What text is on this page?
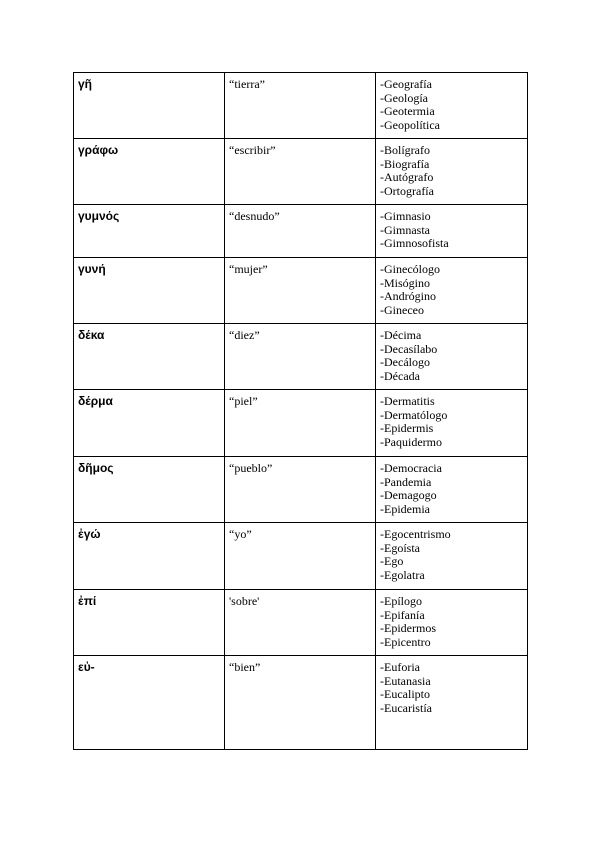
γῆ	“tierra”	-Geografía
-Geología
-Geotermia
-Geopolítica

γράφω	“escribir”	-Bolígrafo
-Biografía
-Autógrafo
-Ortografía

γυμνός	“desnudo”	-Gimnasio
-Gimnasta
-Gimnosofista

γυνή	“mujer”	-Ginecólogo
-Misógino
-Andrógino
-Gineceo

δέκα	“diez”	-Décima
-Decasílabo
-Decálogo
-Década

δέρμα	“piel”	-Dermatitis
-Dermatólogo
-Epidermis
-Paquidermo

δῆμος	“pueblo”	-Democracia
-Pandemia
-Demagogo
-Epidemia

ἐγώ	“yo”	-Egocentrismo
-Egoísta
-Ego
-Egolatra

ἐπί	'sobre'	-Epílogo
-Epifanía
-Epidermos
-Epicentro

εὐ-	“bien”	-Euforia
-Eutanasia
-Eucalipto
-Eucaristía
